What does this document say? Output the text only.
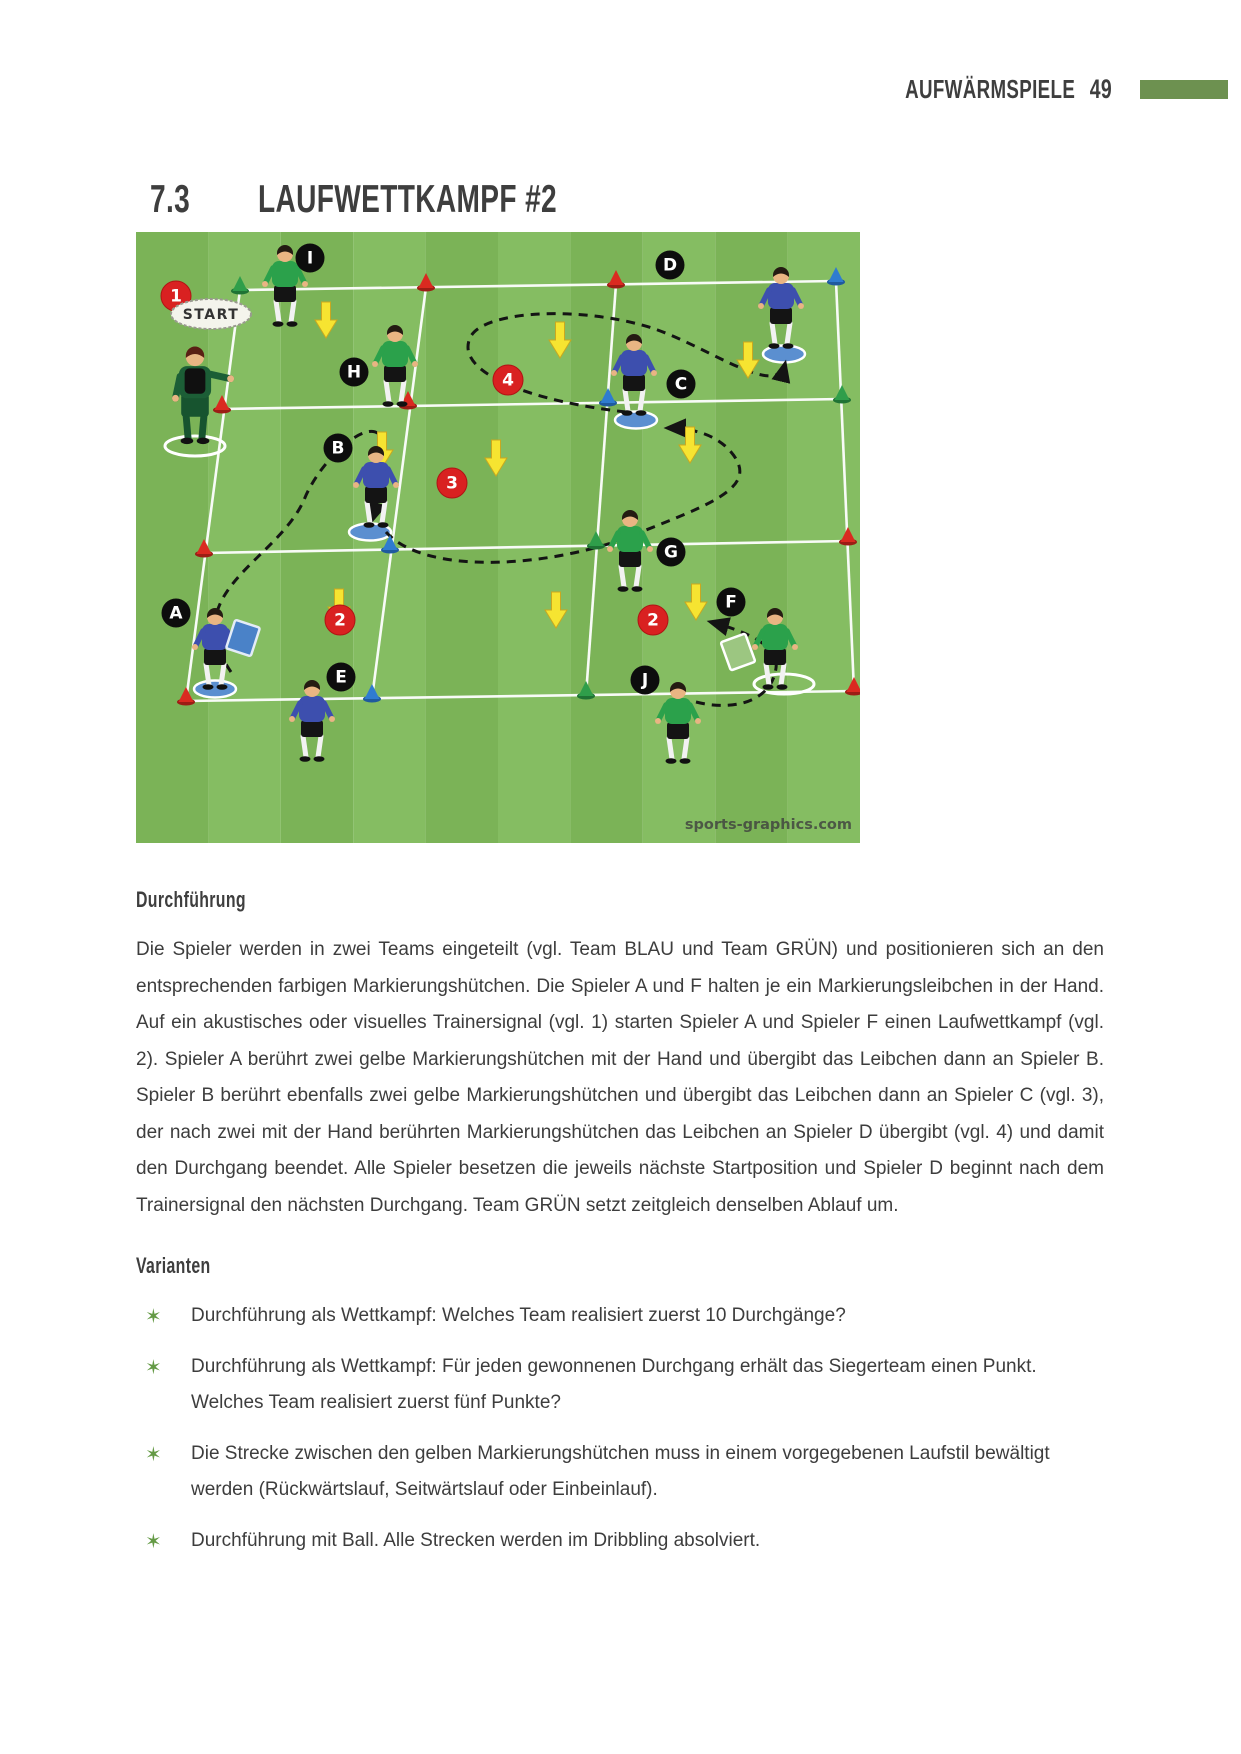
AUFWÄRMSPIELE 49
7.3	LAUFWETTKAMPF #2
A
B
C
D
E
F
G
H
I
J
1
2	2
3
4
START
sports-graphics.com
Durchführung

Die Spieler werden in zwei Teams eingeteilt (vgl. Team BLAU und Team GRÜN) und positionieren sich an den entsprechenden farbigen Markierungshütchen. Die Spieler A und F halten je ein Markierungsleibchen in der Hand. Auf ein akustisches oder visuelles Trainersignal (vgl. 1) starten Spieler A und Spieler F einen Laufwettkampf (vgl. 2). Spieler A berührt zwei gelbe Markierungshütchen mit der Hand und übergibt das Leibchen dann an Spieler B. Spieler B berührt ebenfalls zwei gelbe Markierungshütchen und übergibt das Leibchen dann an Spieler C (vgl. 3), der nach zwei mit der Hand berührten Markierungshütchen das Leibchen an Spieler D übergibt (vgl. 4) und damit den Durchgang beendet. Alle Spieler besetzen die jeweils nächste Startposition und Spieler D beginnt nach dem Trainersignal den nächsten Durchgang. Team GRÜN setzt zeitgleich denselben Ablauf um.

Varianten
✶ Durchführung als Wettkampf: Welches Team realisiert zuerst 10 Durchgänge?
✶ Durchführung als Wettkampf: Für jeden gewonnenen Durchgang erhält das Siegerteam einen Punkt. Welches Team realisiert zuerst fünf Punkte?
✶ Die Strecke zwischen den gelben Markierungshütchen muss in einem vorgegebenen Laufstil bewältigt werden (Rückwärtslauf, Seitwärtslauf oder Einbeinlauf).
✶ Durchführung mit Ball. Alle Strecken werden im Dribbling absolviert.
